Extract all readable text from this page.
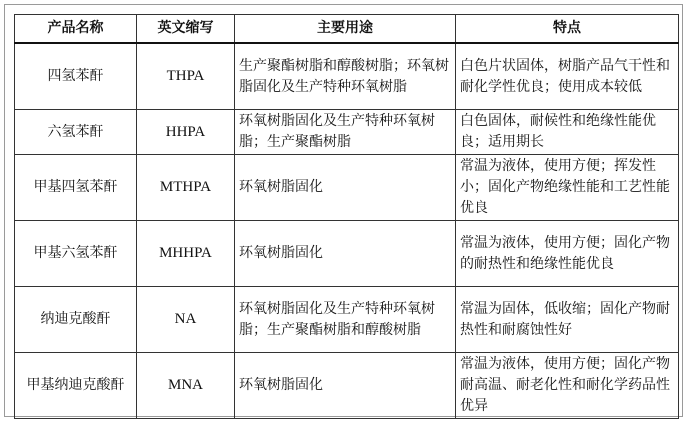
产品名称	英文缩写	主要用途	特点
四氢苯酐	THPA	生产聚酯树脂和醇酸树脂；环氧树脂固化及生产特种环氧树脂	白色片状固体，树脂产品气干性和耐化学性优良；使用成本较低
六氢苯酐	HHPA	环氧树脂固化及生产特种环氧树脂；生产聚酯树脂	白色固体，耐候性和绝缘性能优良；适用期长
甲基四氢苯酐	MTHPA	环氧树脂固化	常温为液体，使用方便；挥发性小；固化产物绝缘性能和工艺性能优良
甲基六氢苯酐	MHHPA	环氧树脂固化	常温为液体，使用方便；固化产物的耐热性和绝缘性能优良
纳迪克酸酐	NA	环氧树脂固化及生产特种环氧树脂；生产聚酯树脂和醇酸树脂	常温为固体，低收缩；固化产物耐热性和耐腐蚀性好
甲基纳迪克酸酐	MNA	环氧树脂固化	常温为液体，使用方便；固化产物耐高温、耐老化性和耐化学药品性优异
